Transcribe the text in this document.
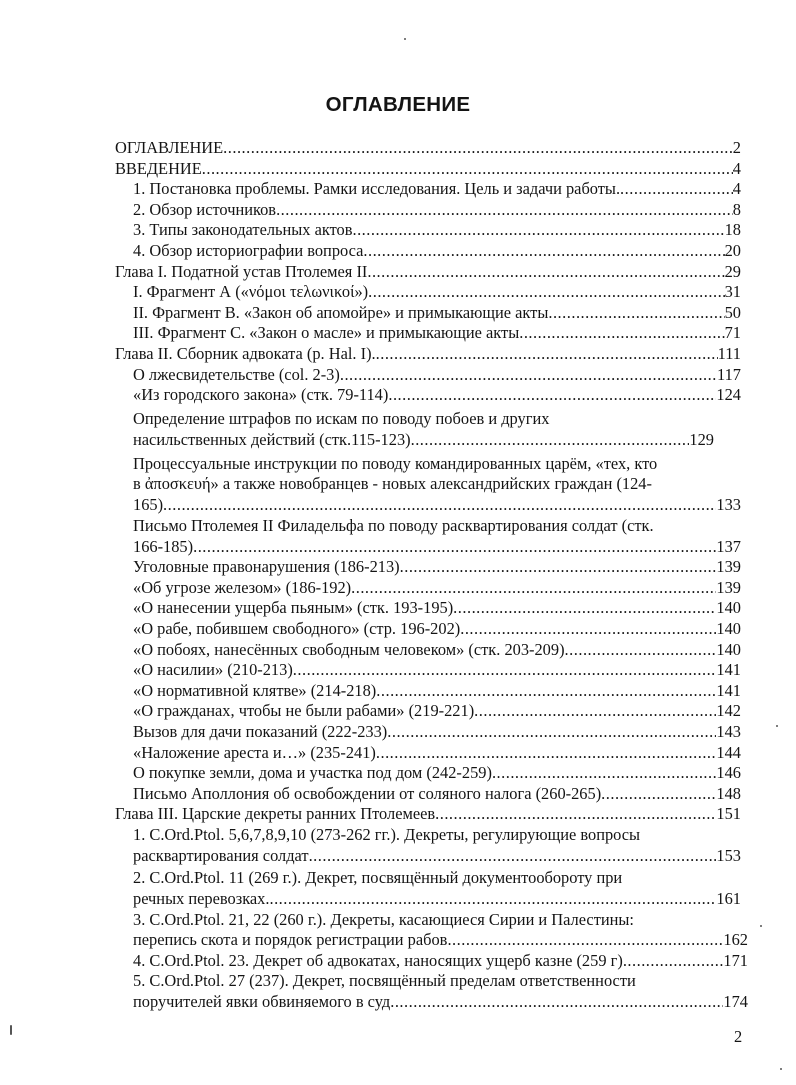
ОГЛАВЛЕНИЕ
ОГЛАВЛЕНИЕ .....	2
ВВЕДЕНИЕ .....	4
1. Постановка проблемы. Рамки исследования. Цель и задачи работы. .....	4
2. Обзор источников .....	8
3. Типы законодательных актов .....	18
4. Обзор историографии вопроса .....	20
Глава I. Податной устав Птолемея II .....	29
I. Фрагмент А («νόμοι τελωνικοί») .....	31
II. Фрагмент В. «Закон об апомойре» и примыкающие акты .....	50
III. Фрагмент С. «Закон о масле» и примыкающие акты .....	71
Глава II. Сборник адвоката (p. Hal. I). .....	111
О лжесвидетельстве (col. 2-3) .....	117
«Из городского закона» (стк. 79-114) .....	124
Определение штрафов по искам по поводу побоев и других
насильственных действий (стк.115-123) .....	129
Процессуальные инструкции по поводу командированных царём, «тех, кто
в ἀποσκευή» а также новобранцев - новых александрийских граждан (124-
165) .....	133
Письмо Птолемея II Филадельфа по поводу расквартирования солдат (стк.
166-185) .....	137
Уголовные правонарушения (186-213) .....	139
«Об угрозе железом» (186-192) .....	139
«О нанесении ущерба пьяным» (стк. 193-195) .....	140
«О рабе, побившем свободного» (стр. 196-202) .....	140
«О побоях, нанесённых свободным человеком» (стк. 203-209) .....	140
«О насилии» (210-213) .....	141
«О нормативной клятве» (214-218) .....	141
«О гражданах, чтобы не были рабами» (219-221) .....	142
Вызов для дачи показаний (222-233) .....	143
«Наложение ареста и…» (235-241) .....	144
О покупке земли, дома и участка под дом (242-259) .....	146
Письмо Аполлония об освобождении от соляного налога (260-265) .....	148
Глава III. Царские декреты ранних Птолемеев .....	151
1. C.Ord.Ptol. 5,6,7,8,9,10 (273-262 гг.). Декреты, регулирующие вопросы
расквартирования солдат .....	153
2. C.Ord.Ptol. 11 (269 г.). Декрет, посвящённый документообороту при
речных перевозках. .....	161
3. C.Ord.Ptol. 21, 22 (260 г.). Декреты, касающиеся Сирии и Палестины:
перепись скота и порядок регистрации рабов .....	162
4. C.Ord.Ptol. 23. Декрет об адвокатах, наносящих ущерб казне (259 г) .....	171
5. C.Ord.Ptol. 27 (237). Декрет, посвящённый пределам ответственности
поручителей явки обвиняемого в суд .....	174
2
